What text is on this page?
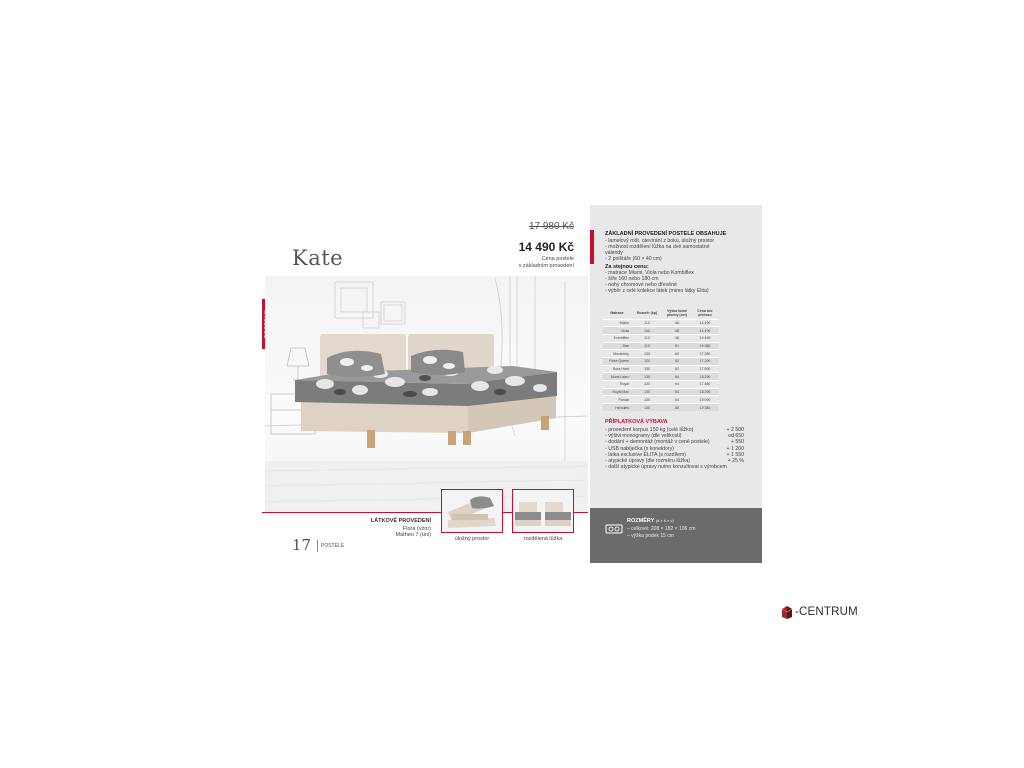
Kate
17 980 Kč
14 490 Kč
Cena postele
v základním provedení
LÁTKOVÉ PROVEDENÍ
Flora (vzor)
Matheo 7 (uni)
úložný prostor	rozdělená lůžka
17 POSTELE
ZÁKLADNÍ PROVEDENÍ POSTELE OBSAHUJE
◦ lamelový rošt, otevírání z boku, úložný prostor
◦ možnost rozdělení lůžka na dvě samostatné
válendy
◦ 2 polštáře (60 × 40 cm)
Za stejnou cenu:
◦ matrace Miami, Viola nebo Kombiflex
◦ šíře 160 nebo 180 cm
◦ nohy chromové nebo dřevěné
◦ výběr z celé kolekce látek (mimo látky Elita)
Matrace	Rozměr (kp)	Výška ložné plochy (cm)	Cena bez přehozu
Miami	110	46	14 490
Viola	130	48	14 490
Kombiflex	110	46	14 490
Star	110	51	16 380
Monterrey	130	60	17 280
Rose Queen	120	62	17 290
Bora Hard	130	62	17 890
Mona Latex	130	64	18 290
Royal	130	64	17 480
Royal Max	130	64	18 290
Pardar	130	64	19 090
Hercules	130	66	19 380
PŘÍPLATKOVÁ VÝBAVA
◦ provedení korpus 150 kg (celé lůžko)	+ 2 500
◦ výšivi monogramy (dle velikosti)	od 650
◦ dodání + demontáž (montáž v ceně postele)	+ 550
◦ USB nabíječka (s konektory)	+ 1 200
◦ látka exclusive ELITA (s rozdílem)	+ 1 550
◦ atypické úpravy (dle rozměru lůžka)	+ 25 %
◦ další atypické úpravy nutno konzultovat s výrobcem
ROZMĚRY (d × š × v)
– celkové: 208 × 182 × 106 cm
– výška podek 15 cm
-CENTRUM
